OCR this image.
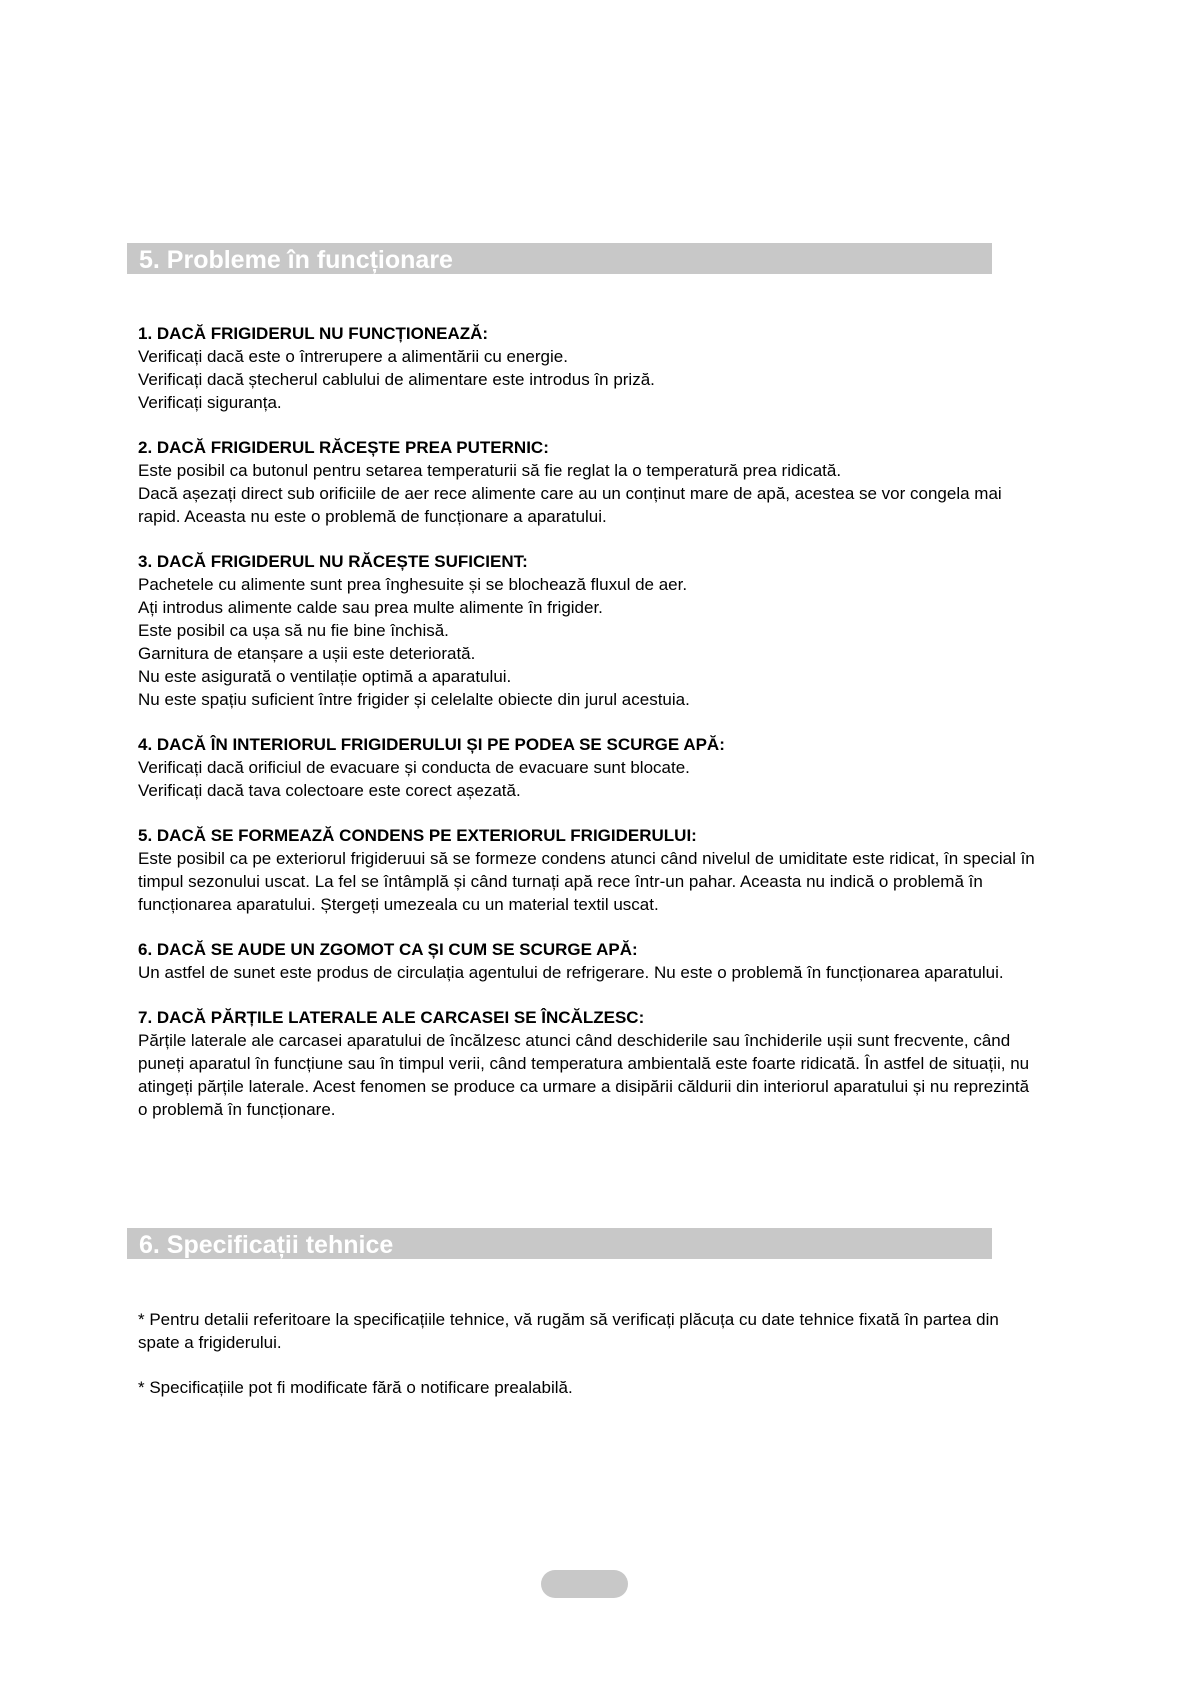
5. Probleme în funcționare
1. DACĂ FRIGIDERUL NU FUNCȚIONEAZĂ:
Verificați dacă este o întrerupere a alimentării cu energie.
Verificați dacă ștecherul cablului de alimentare este introdus în priză.
Verificați siguranța.
2. DACĂ FRIGIDERUL RĂCEȘTE PREA PUTERNIC:
Este posibil ca butonul pentru setarea temperaturii să fie reglat la o temperatură prea ridicată.
Dacă așezați direct sub orificiile de aer rece alimente care au un conținut mare de apă, acestea se vor congela mai rapid. Aceasta nu este o problemă de funcționare a aparatului.
3. DACĂ FRIGIDERUL NU RĂCEȘTE SUFICIENT:
Pachetele cu alimente sunt prea înghesuite și se blochează fluxul de aer.
Ați introdus alimente calde sau prea multe alimente în frigider.
Este posibil ca ușa să nu fie bine închisă.
Garnitura de etanșare a ușii este deteriorată.
Nu este asigurată o ventilație optimă a aparatului.
Nu este spațiu suficient între frigider și celelalte obiecte din jurul acestuia.
4. DACĂ ÎN INTERIORUL FRIGIDERULUI ȘI PE PODEA SE SCURGE APĂ:
Verificați dacă orificiul de evacuare și conducta de evacuare sunt blocate.
Verificați dacă tava colectoare este corect așezată.
5. DACĂ SE FORMEAZĂ CONDENS PE EXTERIORUL FRIGIDERULUI:
Este posibil ca pe exteriorul frigideruui să se formeze condens atunci când nivelul de umiditate este ridicat, în special în timpul sezonului uscat. La fel se întâmplă și când turnați apă rece într-un pahar. Aceasta nu indică o problemă în funcționarea aparatului. Ștergeți umezeala cu un material textil uscat.
6. DACĂ SE AUDE UN ZGOMOT CA ȘI CUM SE SCURGE APĂ:
Un astfel de sunet este produs de circulația agentului de refrigerare. Nu este o problemă în funcționarea aparatului.
7. DACĂ PĂRȚILE LATERALE ALE CARCASEI SE ÎNCĂLZESC:
Părțile laterale ale carcasei aparatului de încălzesc atunci când deschiderile sau închiderile ușii sunt frecvente, când puneți aparatul în funcțiune sau în timpul verii, când temperatura ambientală este foarte ridicată. În astfel de situații, nu atingeți părțile laterale. Acest fenomen se produce ca urmare a disipării căldurii din interiorul aparatului și nu reprezintă o problemă în funcționare.
6. Specificații tehnice
* Pentru detalii referitoare la specificațiile tehnice, vă rugăm să verificați plăcuța cu date tehnice fixată în partea din spate a frigiderului.
* Specificațiile pot fi modificate fără o notificare prealabilă.
